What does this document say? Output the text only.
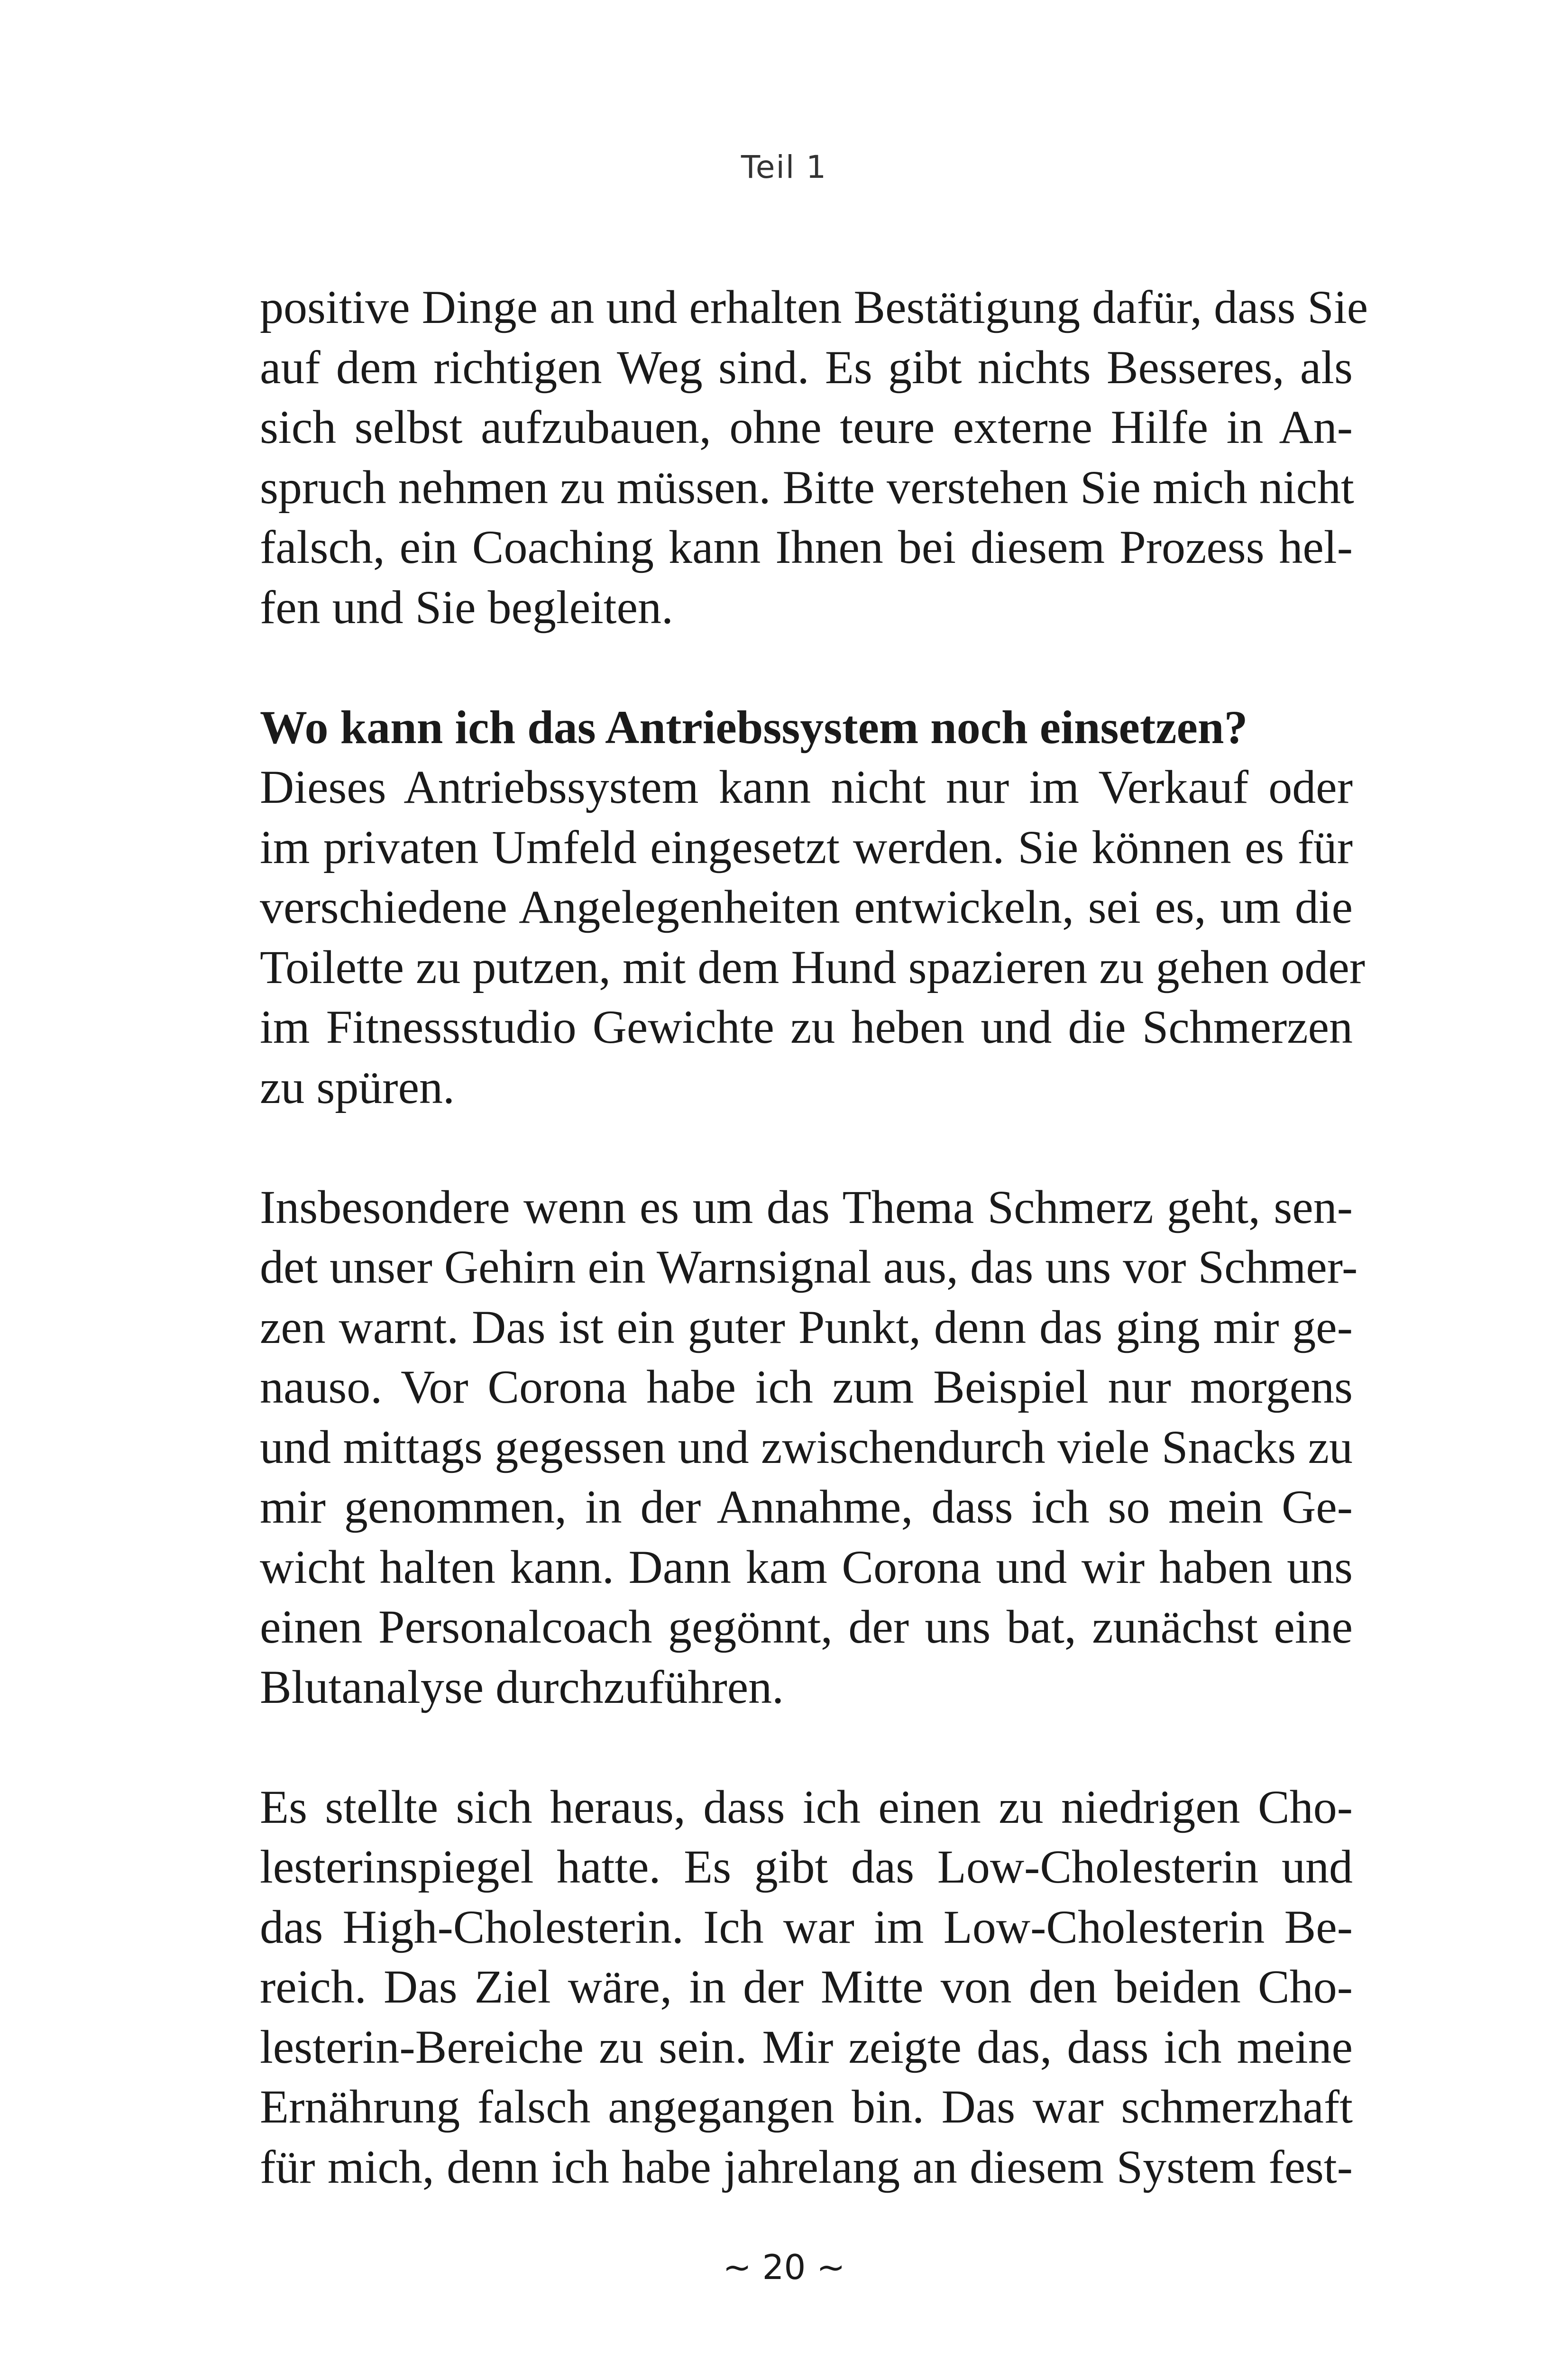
Teil 1
positive Dinge an und erhalten Bestätigung dafür, dass Sie
auf dem richtigen Weg sind. Es gibt nichts Besseres, als
sich selbst aufzubauen, ohne teure externe Hilfe in An-
spruch nehmen zu müssen. Bitte verstehen Sie mich nicht
falsch, ein Coaching kann Ihnen bei diesem Prozess hel-
fen und Sie begleiten.
Wo kann ich das Antriebssystem noch einsetzen?
Dieses Antriebssystem kann nicht nur im Verkauf oder
im privaten Umfeld eingesetzt werden. Sie können es für
verschiedene Angelegenheiten entwickeln, sei es, um die
Toilette zu putzen, mit dem Hund spazieren zu gehen oder
im Fitnessstudio Gewichte zu heben und die Schmerzen
zu spüren.
Insbesondere wenn es um das Thema Schmerz geht, sen-
det unser Gehirn ein Warnsignal aus, das uns vor Schmer-
zen warnt. Das ist ein guter Punkt, denn das ging mir ge-
nauso. Vor Corona habe ich zum Beispiel nur morgens
und mittags gegessen und zwischendurch viele Snacks zu
mir genommen, in der Annahme, dass ich so mein Ge-
wicht halten kann. Dann kam Corona und wir haben uns
einen Personalcoach gegönnt, der uns bat, zunächst eine
Blutanalyse durchzuführen.
Es stellte sich heraus, dass ich einen zu niedrigen Cho-
lesterinspiegel hatte. Es gibt das Low-Cholesterin und
das High-Cholesterin. Ich war im Low-Cholesterin Be-
reich. Das Ziel wäre, in der Mitte von den beiden Cho-
lesterin-Bereiche zu sein. Mir zeigte das, dass ich meine
Ernährung falsch angegangen bin. Das war schmerzhaft
für mich, denn ich habe jahrelang an diesem System fest-
~ 20 ~
